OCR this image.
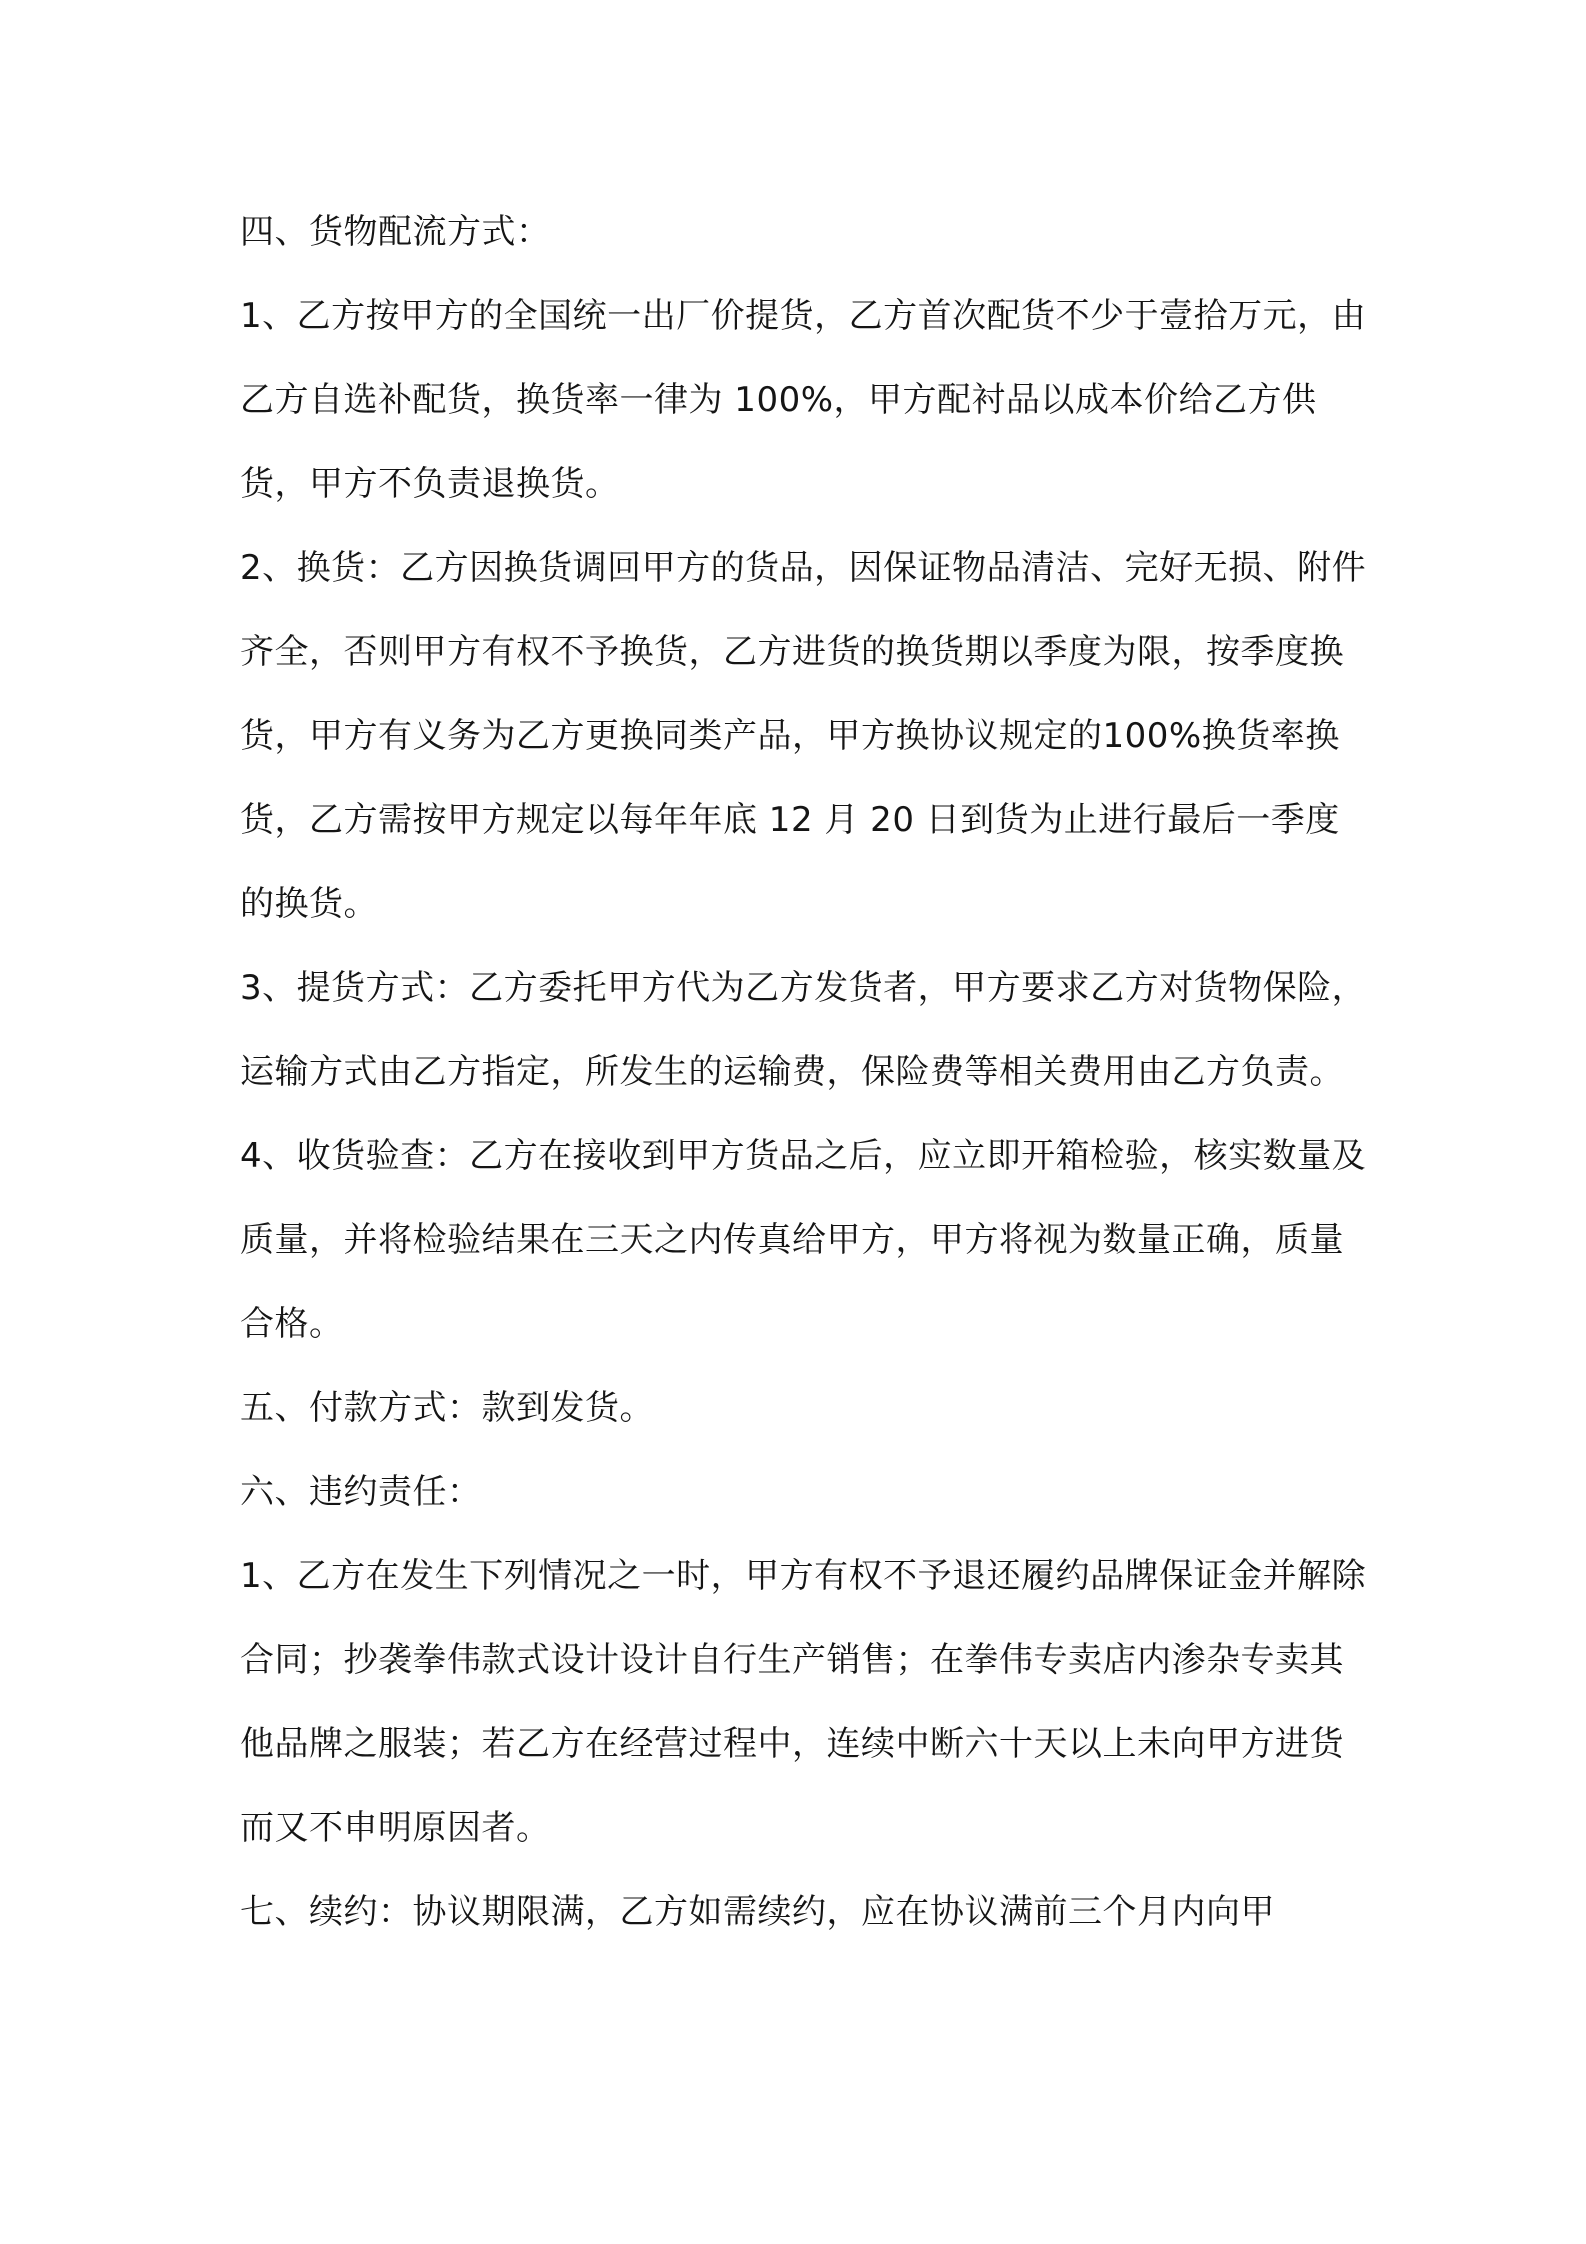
四、货物配流方式：

1、乙方按甲方的全国统一出厂价提货，乙方首次配货不少于壹拾万元，由乙方自选补配货，换货率一律为 100%，甲方配衬品以成本价给乙方供货，甲方不负责退换货。

2、换货：乙方因换货调回甲方的货品，因保证物品清洁、完好无损、附件齐全，否则甲方有权不予换货，乙方进货的换货期以季度为限，按季度换货，甲方有义务为乙方更换同类产品，甲方换协议规定的100%换货率换货，乙方需按甲方规定以每年年底 12 月 20 日到货为止进行最后一季度的换货。

3、提货方式：乙方委托甲方代为乙方发货者，甲方要求乙方对货物保险，运输方式由乙方指定，所发生的运输费，保险费等相关费用由乙方负责。

4、收货验查：乙方在接收到甲方货品之后，应立即开箱检验，核实数量及质量，并将检验结果在三天之内传真给甲方，甲方将视为数量正确，质量合格。

五、付款方式：款到发货。

六、违约责任：

1、乙方在发生下列情况之一时，甲方有权不予退还履约品牌保证金并解除合同；抄袭拳伟款式设计设计自行生产销售；在拳伟专卖店内渗杂专卖其他品牌之服装；若乙方在经营过程中，连续中断六十天以上未向甲方进货而又不申明原因者。

七、续约：协议期限满，乙方如需续约，应在协议满前三个月内向甲
